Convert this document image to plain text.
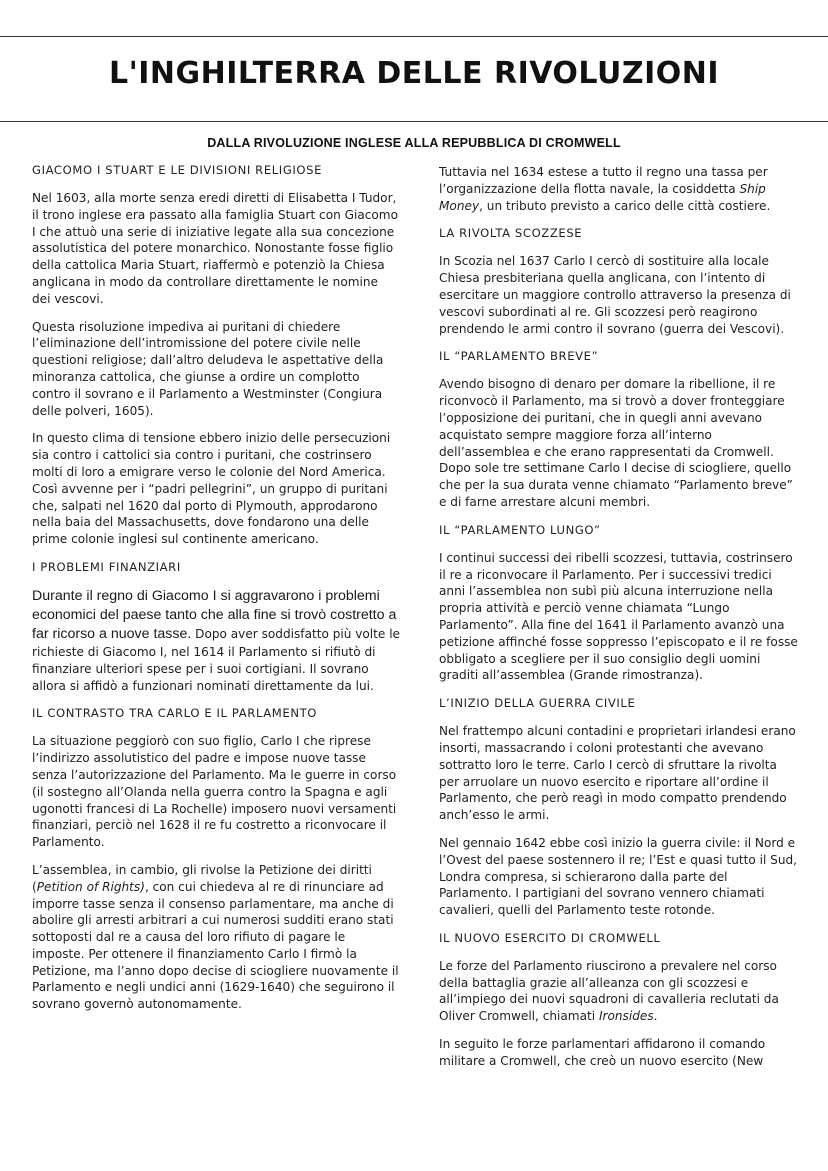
L'INGHILTERRA DELLE RIVOLUZIONI
DALLA RIVOLUZIONE INGLESE ALLA REPUBBLICA DI CROMWELL
GIACOMO I STUART E LE DIVISIONI RELIGIOSE

Nel 1603, alla morte senza eredi diretti di Elisabetta I Tudor, il trono inglese era passato alla famiglia Stuart con Giacomo I che attuò una serie di iniziative legate alla sua concezione assolutistica del potere monarchico. Nonostante fosse figlio della cattolica Maria Stuart, riaffermò e potenziò la Chiesa anglicana in modo da controllare direttamente le nomine dei vescovi.

Questa risoluzione impediva ai puritani di chiedere l’eliminazione dell’intromissione del potere civile nelle questioni religiose; dall’altro deludeva le aspettative della minoranza cattolica, che giunse a ordire un complotto contro il sovrano e il Parlamento a Westminster (Congiura delle polveri, 1605).

In questo clima di tensione ebbero inizio delle persecuzioni sia contro i cattolici sia contro i puritani, che costrinsero molti di loro a emigrare verso le colonie del Nord America. Così avvenne per i “padri pellegrini”, un gruppo di puritani che, salpati nel 1620 dal porto di Plymouth, approdarono nella baia del Massachusetts, dove fondarono una delle prime colonie inglesi sul continente americano.

I PROBLEMI FINANZIARI

Durante il regno di Giacomo I si aggravarono i problemi economici del paese tanto che alla fine si trovò costretto a far ricorso a nuove tasse. Dopo aver soddisfatto più volte le richieste di Giacomo I, nel 1614 il Parlamento si rifiutò di finanziare ulteriori spese per i suoi cortigiani. Il sovrano allora si affidò a funzionari nominati direttamente da lui.

IL CONTRASTO TRA CARLO E IL PARLAMENTO

La situazione peggiorò con suo figlio, Carlo I che riprese l’indirizzo assolutistico del padre e impose nuove tasse senza l’autorizzazione del Parlamento. Ma le guerre in corso (il sostegno all’Olanda nella guerra contro la Spagna e agli ugonotti francesi di La Rochelle) imposero nuovi versamenti finanziari, perciò nel 1628 il re fu costretto a riconvocare il Parlamento.

L’assemblea, in cambio, gli rivolse la Petizione dei diritti (Petition of Rights), con cui chiedeva al re di rinunciare ad imporre tasse senza il consenso parlamentare, ma anche di abolire gli arresti arbitrari a cui numerosi sudditi erano stati sottoposti dal re a causa del loro rifiuto di pagare le imposte. Per ottenere il finanziamento Carlo I firmò la Petizione, ma l’anno dopo decise di sciogliere nuovamente il Parlamento e negli undici anni (1629-1640) che seguirono il sovrano governò autonomamente.

Tuttavia nel 1634 estese a tutto il regno una tassa per l’organizzazione della flotta navale, la cosiddetta Ship Money, un tributo previsto a carico delle città costiere.

LA RIVOLTA SCOZZESE

In Scozia nel 1637 Carlo I cercò di sostituire alla locale Chiesa presbiteriana quella anglicana, con l’intento di esercitare un maggiore controllo attraverso la presenza di vescovi subordinati al re. Gli scozzesi però reagirono prendendo le armi contro il sovrano (guerra dei Vescovi).

IL “PARLAMENTO BREVE”

Avendo bisogno di denaro per domare la ribellione, il re riconvocò il Parlamento, ma si trovò a dover fronteggiare l’opposizione dei puritani, che in quegli anni avevano acquistato sempre maggiore forza all’interno dell’assemblea e che erano rappresentati da Cromwell. Dopo sole tre settimane Carlo I decise di sciogliere, quello che per la sua durata venne chiamato “Parlamento breve” e di farne arrestare alcuni membri.

IL “PARLAMENTO LUNGO”

I continui successi dei ribelli scozzesi, tuttavia, costrinsero il re a riconvocare il Parlamento. Per i successivi tredici anni l’assemblea non subì più alcuna interruzione nella propria attività e perciò venne chiamata “Lungo Parlamento”. Alla fine del 1641 il Parlamento avanzò una petizione affinché fosse soppresso l’episcopato e il re fosse obbligato a scegliere per il suo consiglio degli uomini graditi all’assemblea (Grande rimostranza).

L’INIZIO DELLA GUERRA CIVILE

Nel frattempo alcuni contadini e proprietari irlandesi erano insorti, massacrando i coloni protestanti che avevano sottratto loro le terre. Carlo I cercò di sfruttare la rivolta per arruolare un nuovo esercito e riportare all’ordine il Parlamento, che però reagì in modo compatto prendendo anch’esso le armi.

Nel gennaio 1642 ebbe così inizio la guerra civile: il Nord e l’Ovest del paese sostennero il re; l’Est e quasi tutto il Sud, Londra compresa, si schierarono dalla parte del Parlamento. I partigiani del sovrano vennero chiamati cavalieri, quelli del Parlamento teste rotonde.

IL NUOVO ESERCITO DI CROMWELL

Le forze del Parlamento riuscirono a prevalere nel corso della battaglia grazie all’alleanza con gli scozzesi e all’impiego dei nuovi squadroni di cavalleria reclutati da Oliver Cromwell, chiamati Ironsides.

In seguito le forze parlamentari affidarono il comando militare a Cromwell, che creò un nuovo esercito (New
